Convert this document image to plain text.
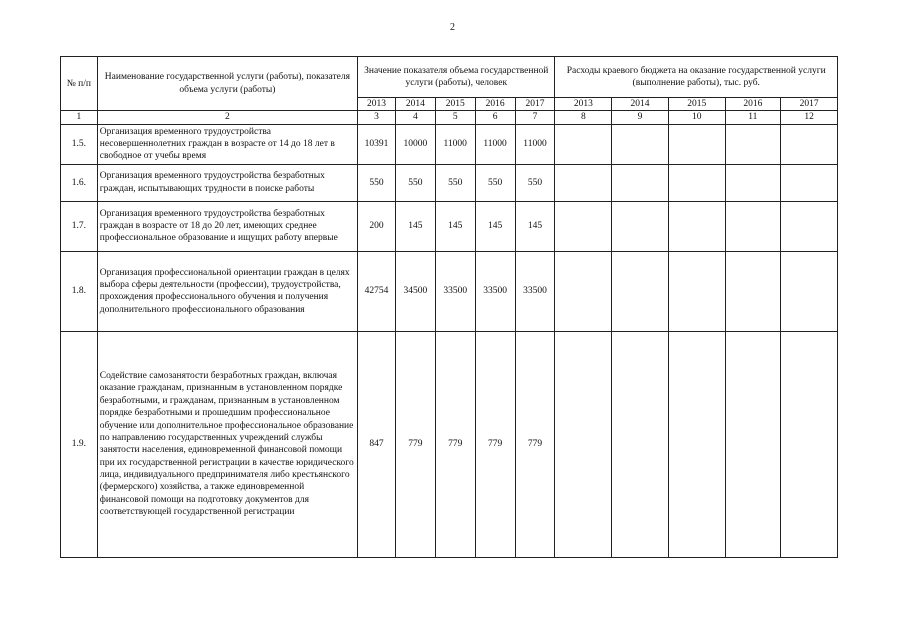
2
№ п/п	Наименование государственной услуги (работы), показателя объема услуги (работы)	Значение показателя объема государственной услуги (работы), человек					Расходы краевого бюджета на оказание государственной услуги (выполнение работы), тыс. руб.				
		2013	2014	2015	2016	2017	2013	2014	2015	2016	2017
1	2	3	4	5	6	7	8	9	10	11	12
1.5.	Организация временного трудоустройства несовершеннолетних граждан в возрасте от 14 до 18 лет в свободное от учебы время	10391	10000	11000	11000	11000					
1.6.	Организация временного трудоустройства безработных граждан, испытывающих трудности в поиске работы	550	550	550	550	550					
1.7.	Организация временного трудоустройства безработных граждан в возрасте от 18 до 20 лет, имеющих среднее профессиональное образование и ищущих работу впервые	200	145	145	145	145					
1.8.	Организация профессиональной ориентации граждан в целях выбора сферы деятельности (профессии), трудоустройства, прохождения профессионального обучения и получения дополнительного профессионального образования	42754	34500	33500	33500	33500					
1.9.	Содействие самозанятости безработных граждан, включая оказание гражданам, признанным в установленном порядке безработными, и гражданам, признанным в установленном порядке безработными и прошедшим профессиональное обучение или дополнительное профессиональное образование по направлению государственных учреждений службы занятости населения, единовременной финансовой помощи при их государственной регистрации в качестве юридического лица, индивидуального предпринимателя либо крестьянского (фермерского) хозяйства, а также единовременной финансовой помощи на подготовку документов для соответствующей государственной регистрации	847	779	779	779	779					
